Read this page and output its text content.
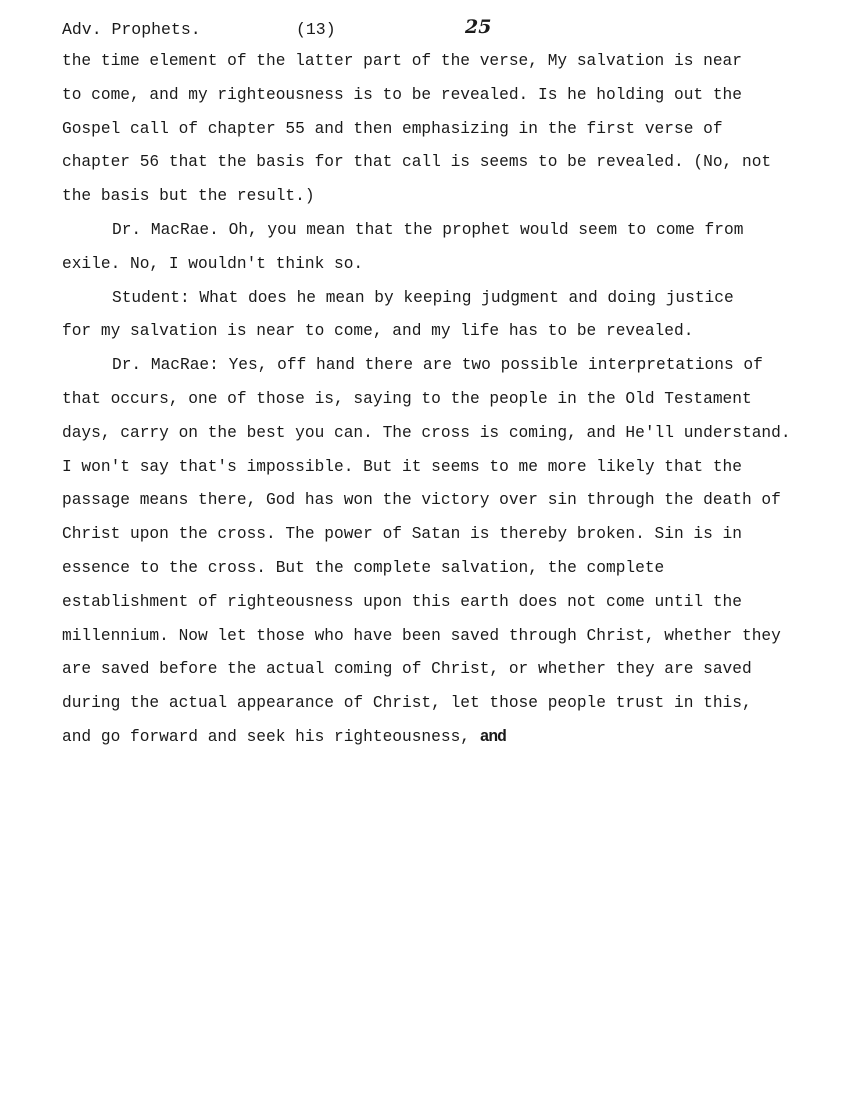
Adv. Prophets.	(13)	25
the time element of the latter part of the verse, My salvation is near
to come, and my righteousness is to be revealed. Is he holding out the
Gospel call of chapter 55 and then emphasizing in the first verse of
chapter 56 that the basis for that call is seems to be revealed. (No, not
the basis but the result.)
Dr. MacRae. Oh, you mean that the prophet would seem to come from
exile. No, I wouldn't think so.
Student: What does he mean by keeping judgment and doing justice
for my salvation is near to come, and my life has to be revealed.
Dr. MacRae: Yes, off hand there are two possible interpretations of
that occurs, one of those is, saying to the people in the Old Testament
days, carry on the best you can. The cross is coming, and He'll understand.
I won't say that's impossible. But it seems to me more likely that the
passage means there, God has won the victory over sin through the death of
Christ upon the cross. The power of Satan is thereby broken. Sin is in
essence to the cross. But the complete salvation, the complete
establishment of righteousness upon this earth does not come until the
millennium. Now let those who have been saved through Christ, whether they
are saved before the actual coming of Christ, or whether they are saved
during the actual appearance of Christ, let those people trust in this,
and go forward and seek his righteousness, and
